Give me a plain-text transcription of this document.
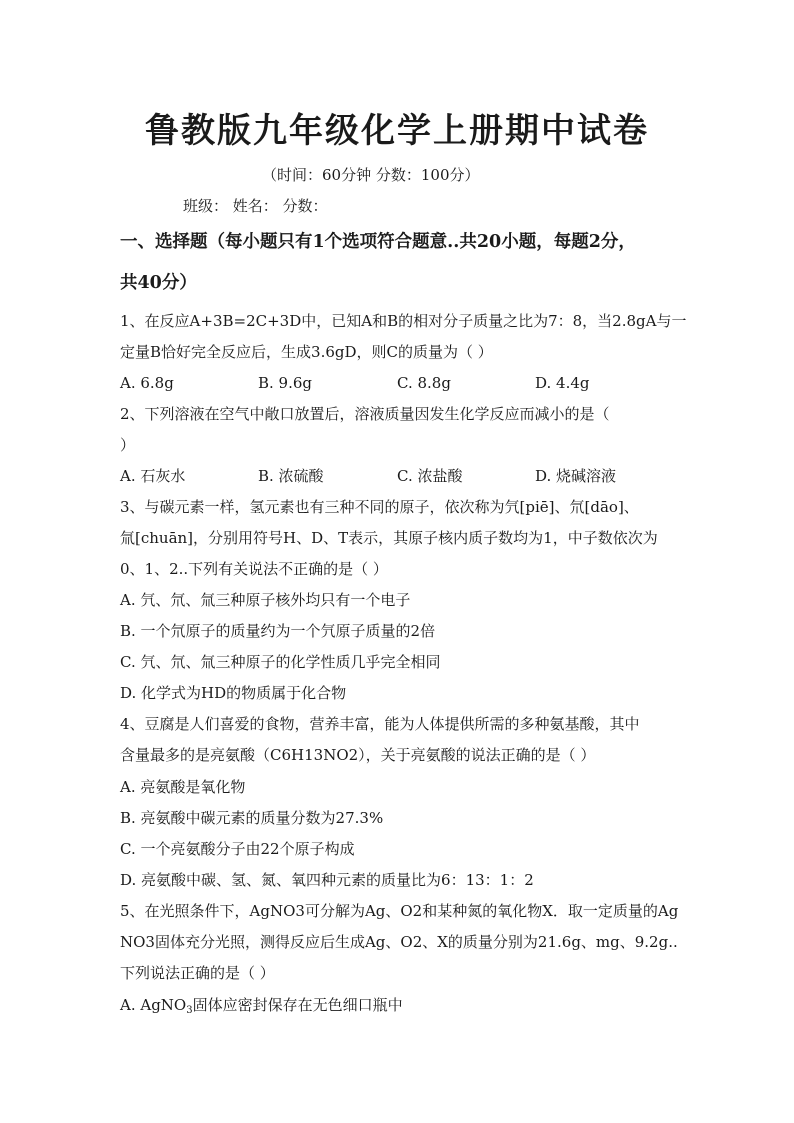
鲁教版九年级化学上册期中试卷
（时间：60分钟 分数：100分）
班级： 姓名： 分数：
一、选择题（每小题只有1个选项符合题意..共20小题，每题2分，
共40分）
1、在反应A+3B=2C+3D中，已知A和B的相对分子质量之比为7：8，当2.8gA与一
定量B恰好完全反应后，生成3.6gD，则C的质量为（ ）
A. 6.8g	B. 9.6g	C. 8.8g	D. 4.4g
2、下列溶液在空气中敞口放置后，溶液质量因发生化学反应而减小的是（
）
A. 石灰水	B. 浓硫酸	C. 浓盐酸	D. 烧碱溶液
3、与碳元素一样，氢元素也有三种不同的原子，依次称为氕[piē]、氘[dāo]、
氚[chuān]，分别用符号H、D、T表示，其原子核内质子数均为1，中子数依次为
0、1、2..下列有关说法不正确的是（ ）
A. 氕、氘、氚三种原子核外均只有一个电子
B. 一个氘原子的质量约为一个氕原子质量的2倍
C. 氕、氘、氚三种原子的化学性质几乎完全相同
D. 化学式为HD的物质属于化合物
4、豆腐是人们喜爱的食物，营养丰富，能为人体提供所需的多种氨基酸，其中
含量最多的是亮氨酸（C6H13NO2），关于亮氨酸的说法正确的是（ ）
A. 亮氨酸是氧化物
B. 亮氨酸中碳元素的质量分数为27.3%
C. 一个亮氨酸分子由22个原子构成
D. 亮氨酸中碳、氢、氮、氧四种元素的质量比为6：13：1：2
5、在光照条件下，AgNO3可分解为Ag、O2和某种氮的氧化物X．取一定质量的Ag
NO3固体充分光照，测得反应后生成Ag、O2、X的质量分别为21.6g、mg、9.2g..
下列说法正确的是（ ）
A. AgNO$_3$固体应密封保存在无色细口瓶中
